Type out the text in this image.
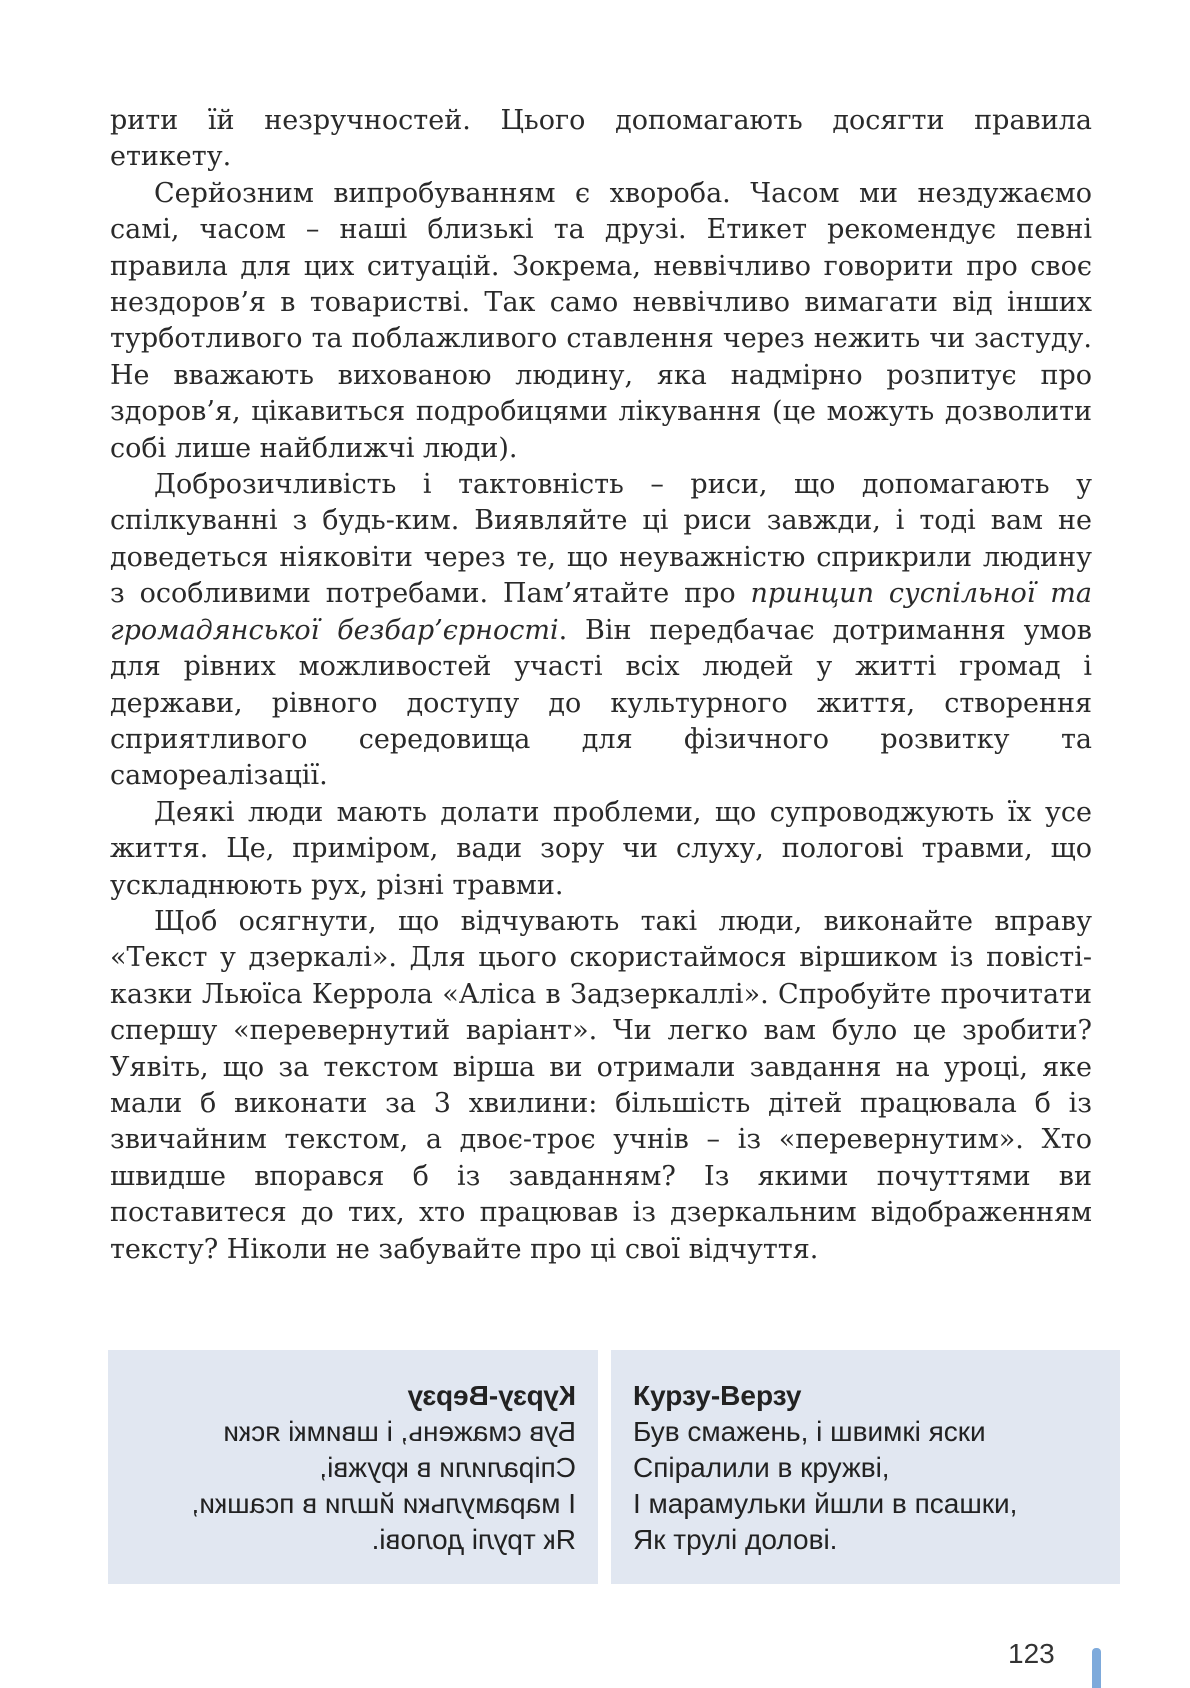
рити їй незручностей. Цього допомагають досягти правила етикету.

Серйозним випробуванням є хвороба. Часом ми нездужаємо самі, часом – наші близькі та друзі. Етикет рекомендує певні правила для цих ситуацій. Зокрема, неввічливо говорити про своє нездоров’я в товаристві. Так само неввічливо вимагати від інших турботливого та поблажливого ставлення через нежить чи застуду. Не вважають вихованою людину, яка надмірно розпитує про здоров’я, цікавиться подробицями лікування (це можуть дозволити собі лише найближчі люди).

Доброзичливість і тактовність – риси, що допомагають у спілкуванні з будь-ким. Виявляйте ці риси завжди, і тоді вам не доведеться ніяковіти через те, що неуважністю сприкрили людину з особливими потребами. Пам’ятайте про принцип суспільної та громадянської безбар’єрності. Він передбачає дотримання умов для рівних можливостей участі всіх людей у житті громад і держави, рівного доступу до культурного життя, створення сприятливого середовища для фізичного розвитку та самореалізації.

Деякі люди мають долати проблеми, що супроводжують їх усе життя. Це, приміром, вади зору чи слуху, пологові травми, що ускладнюють рух, різні травми.

Щоб осягнути, що відчувають такі люди, виконайте вправу «Текст у дзеркалі». Для цього скористаймося віршиком із повісті-казки Льюїса Керрола «Аліса в Задзеркаллі». Спробуйте прочитати спершу «перевернутий варіант». Чи легко вам було це зробити? Уявіть, що за текстом вірша ви отримали завдання на уроці, яке мали б виконати за 3 хвилини: більшість дітей працювала б із звичайним текстом, а двоє-троє учнів – із «перевернутим». Хто швидше впорався б із завданням? Із якими почуттями ви поставитеся до тих, хто працював із дзеркальним відображенням тексту? Ніколи не забувайте про ці свої відчуття.

Курзу-Верзу
Був смажень, і швимкі яски
Спіралили в кружві,
І марамульки йшли в псашки,
Як трулі долові.
Курзу-Верзу
Був смажень, і швимкі яски
Спіралили в кружві,
І марамульки йшли в псашки,
Як трулі долові.
123
